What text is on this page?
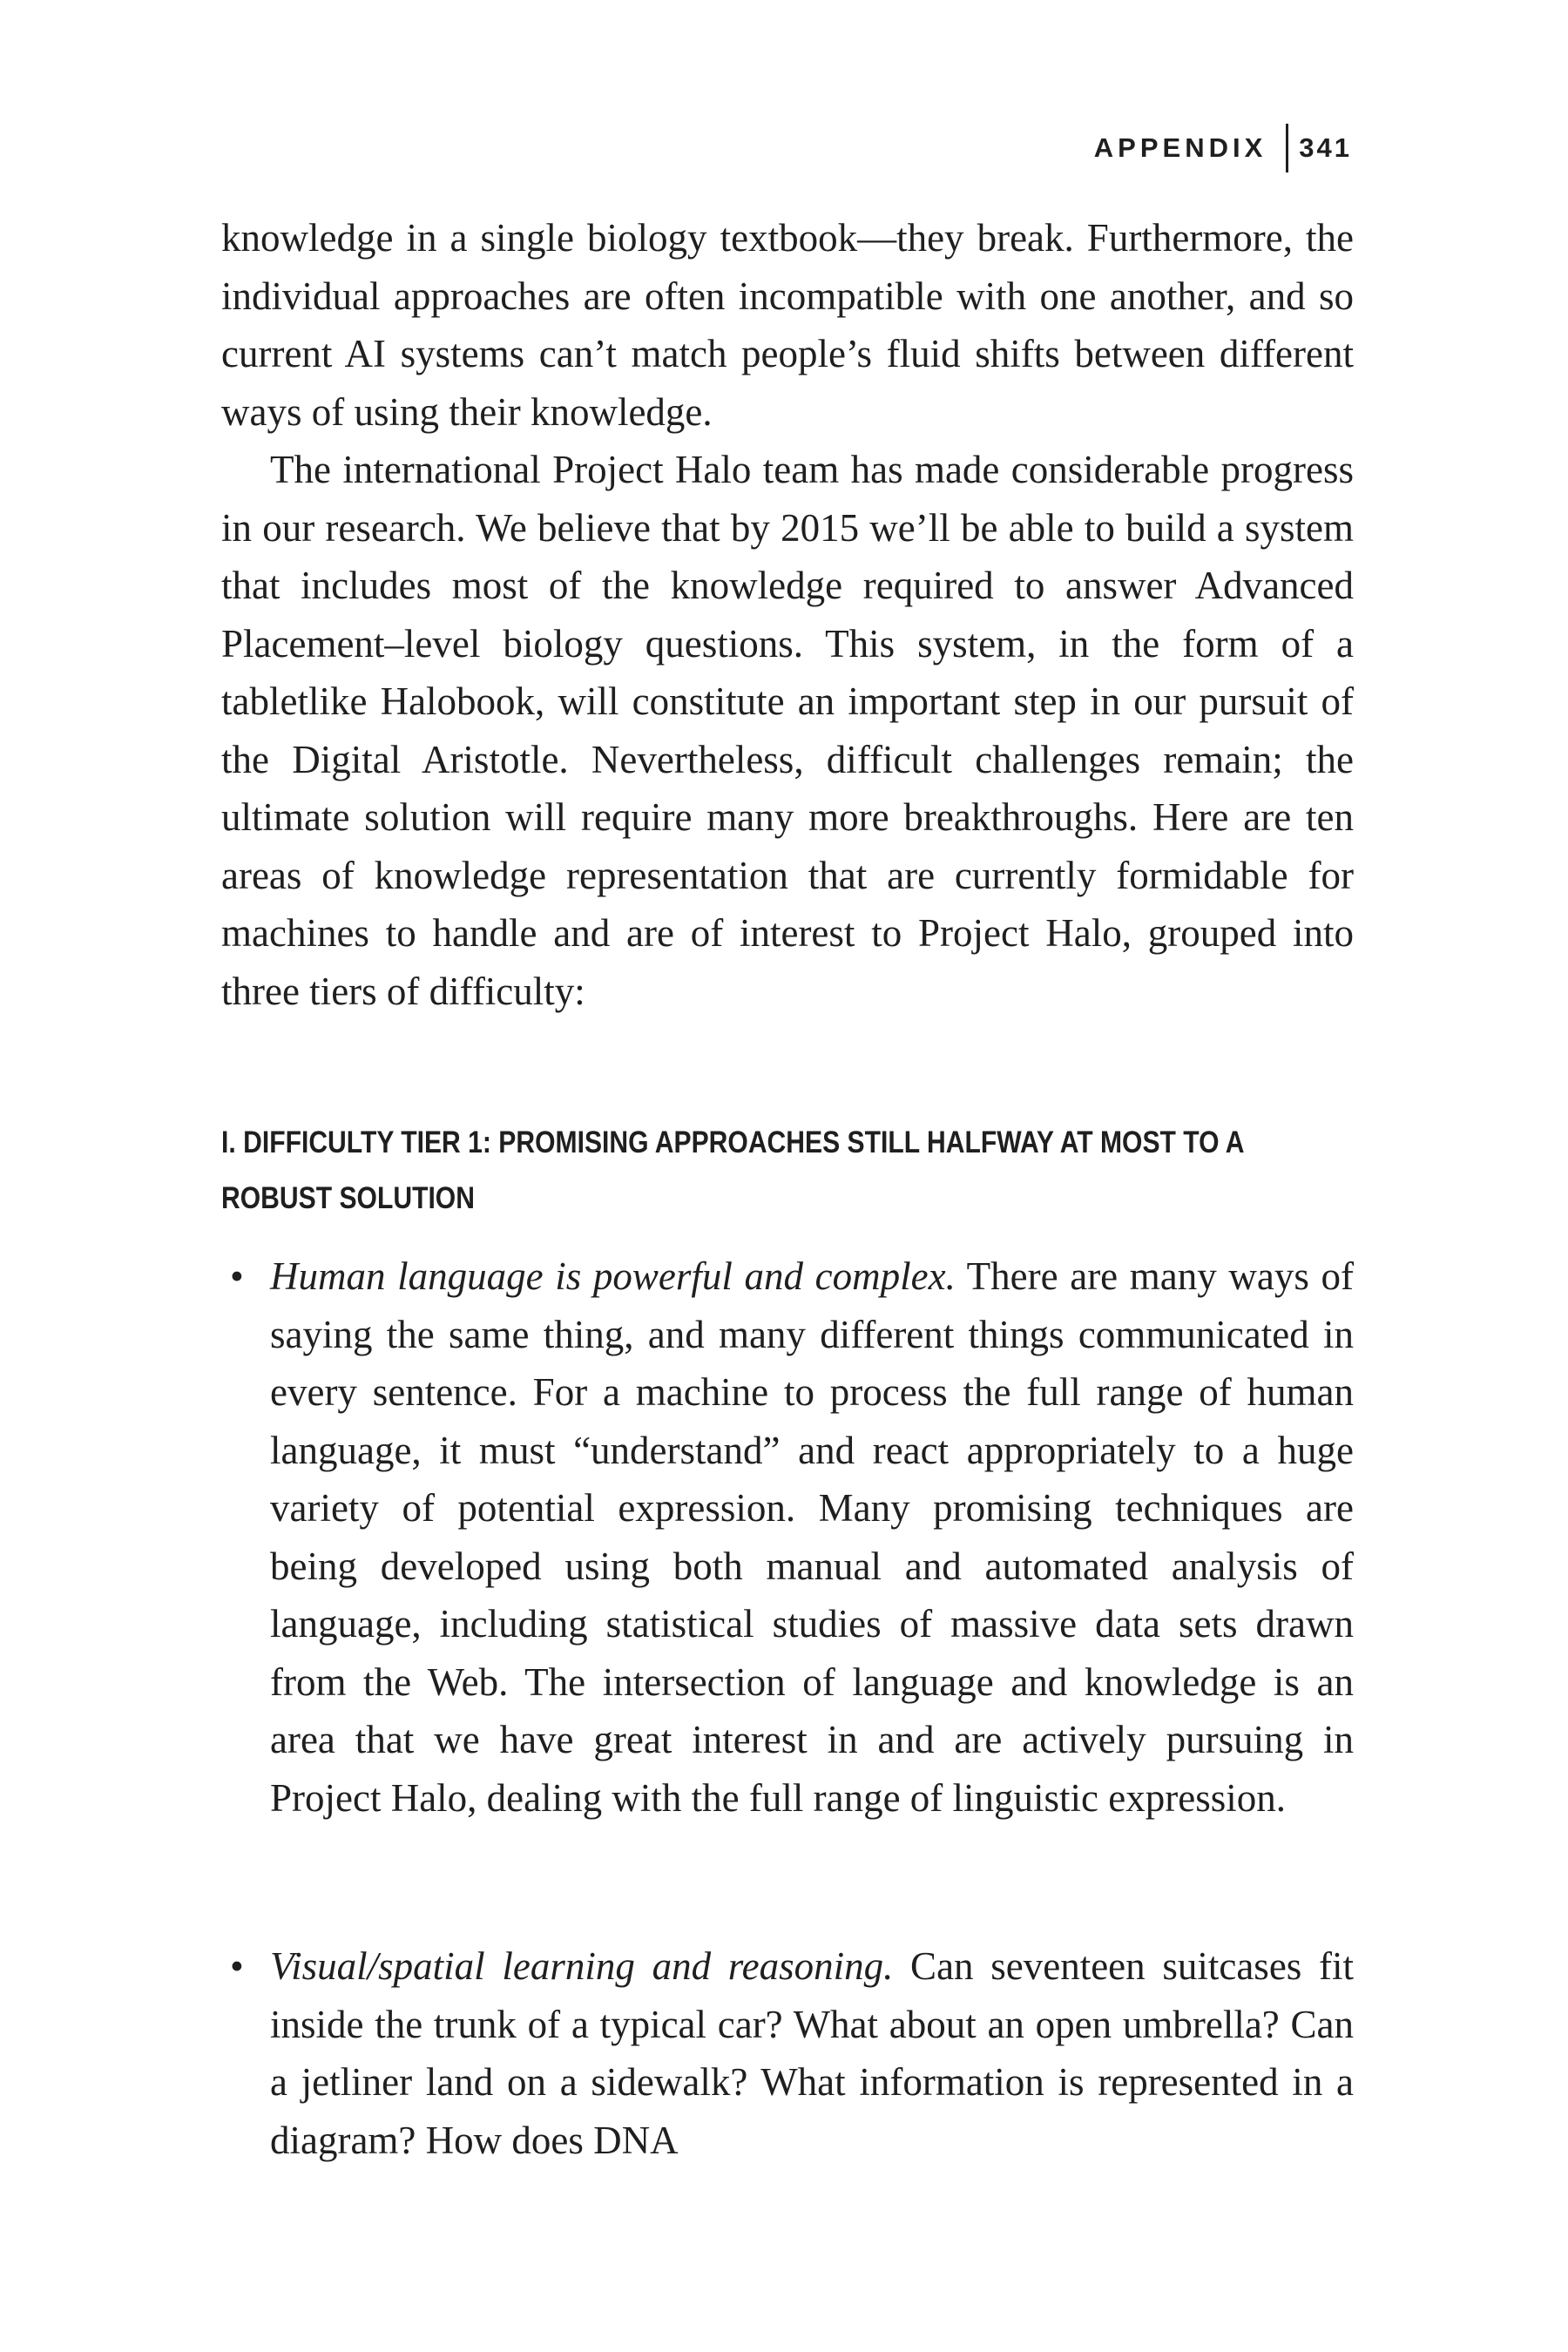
APPENDIX 341

knowledge in a single biology textbook—they break. Furthermore, the individual approaches are often incompatible with one another, and so current AI systems can’t match people’s fluid shifts between different ways of using their knowledge.

The international Project Halo team has made considerable progress in our research. We believe that by 2015 we’ll be able to build a system that includes most of the knowledge required to answer Advanced Placement–level biology questions. This system, in the form of a tabletlike Halobook, will constitute an important step in our pursuit of the Digital Aristotle. Nevertheless, difficult challenges remain; the ultimate solution will require many more breakthroughs. Here are ten areas of knowledge representation that are currently formidable for machines to handle and are of interest to Project Halo, grouped into three tiers of difficulty:

I. DIFFICULTY TIER 1: PROMISING APPROACHES STILL HALFWAY AT MOST TO A ROBUST SOLUTION
• Human language is powerful and complex. There are many ways of saying the same thing, and many different things communicated in every sentence. For a machine to process the full range of human language, it must “understand” and react appropriately to a huge variety of potential expression. Many promising techniques are being developed using both manual and automated analysis of language, including statistical studies of massive data sets drawn from the Web. The intersection of language and knowledge is an area that we have great interest in and are actively pursuing in Project Halo, dealing with the full range of linguistic expression.
• Visual/spatial learning and reasoning. Can seventeen suitcases fit inside the trunk of a typical car? What about an open umbrella? Can a jetliner land on a sidewalk? What information is represented in a diagram? How does DNA
